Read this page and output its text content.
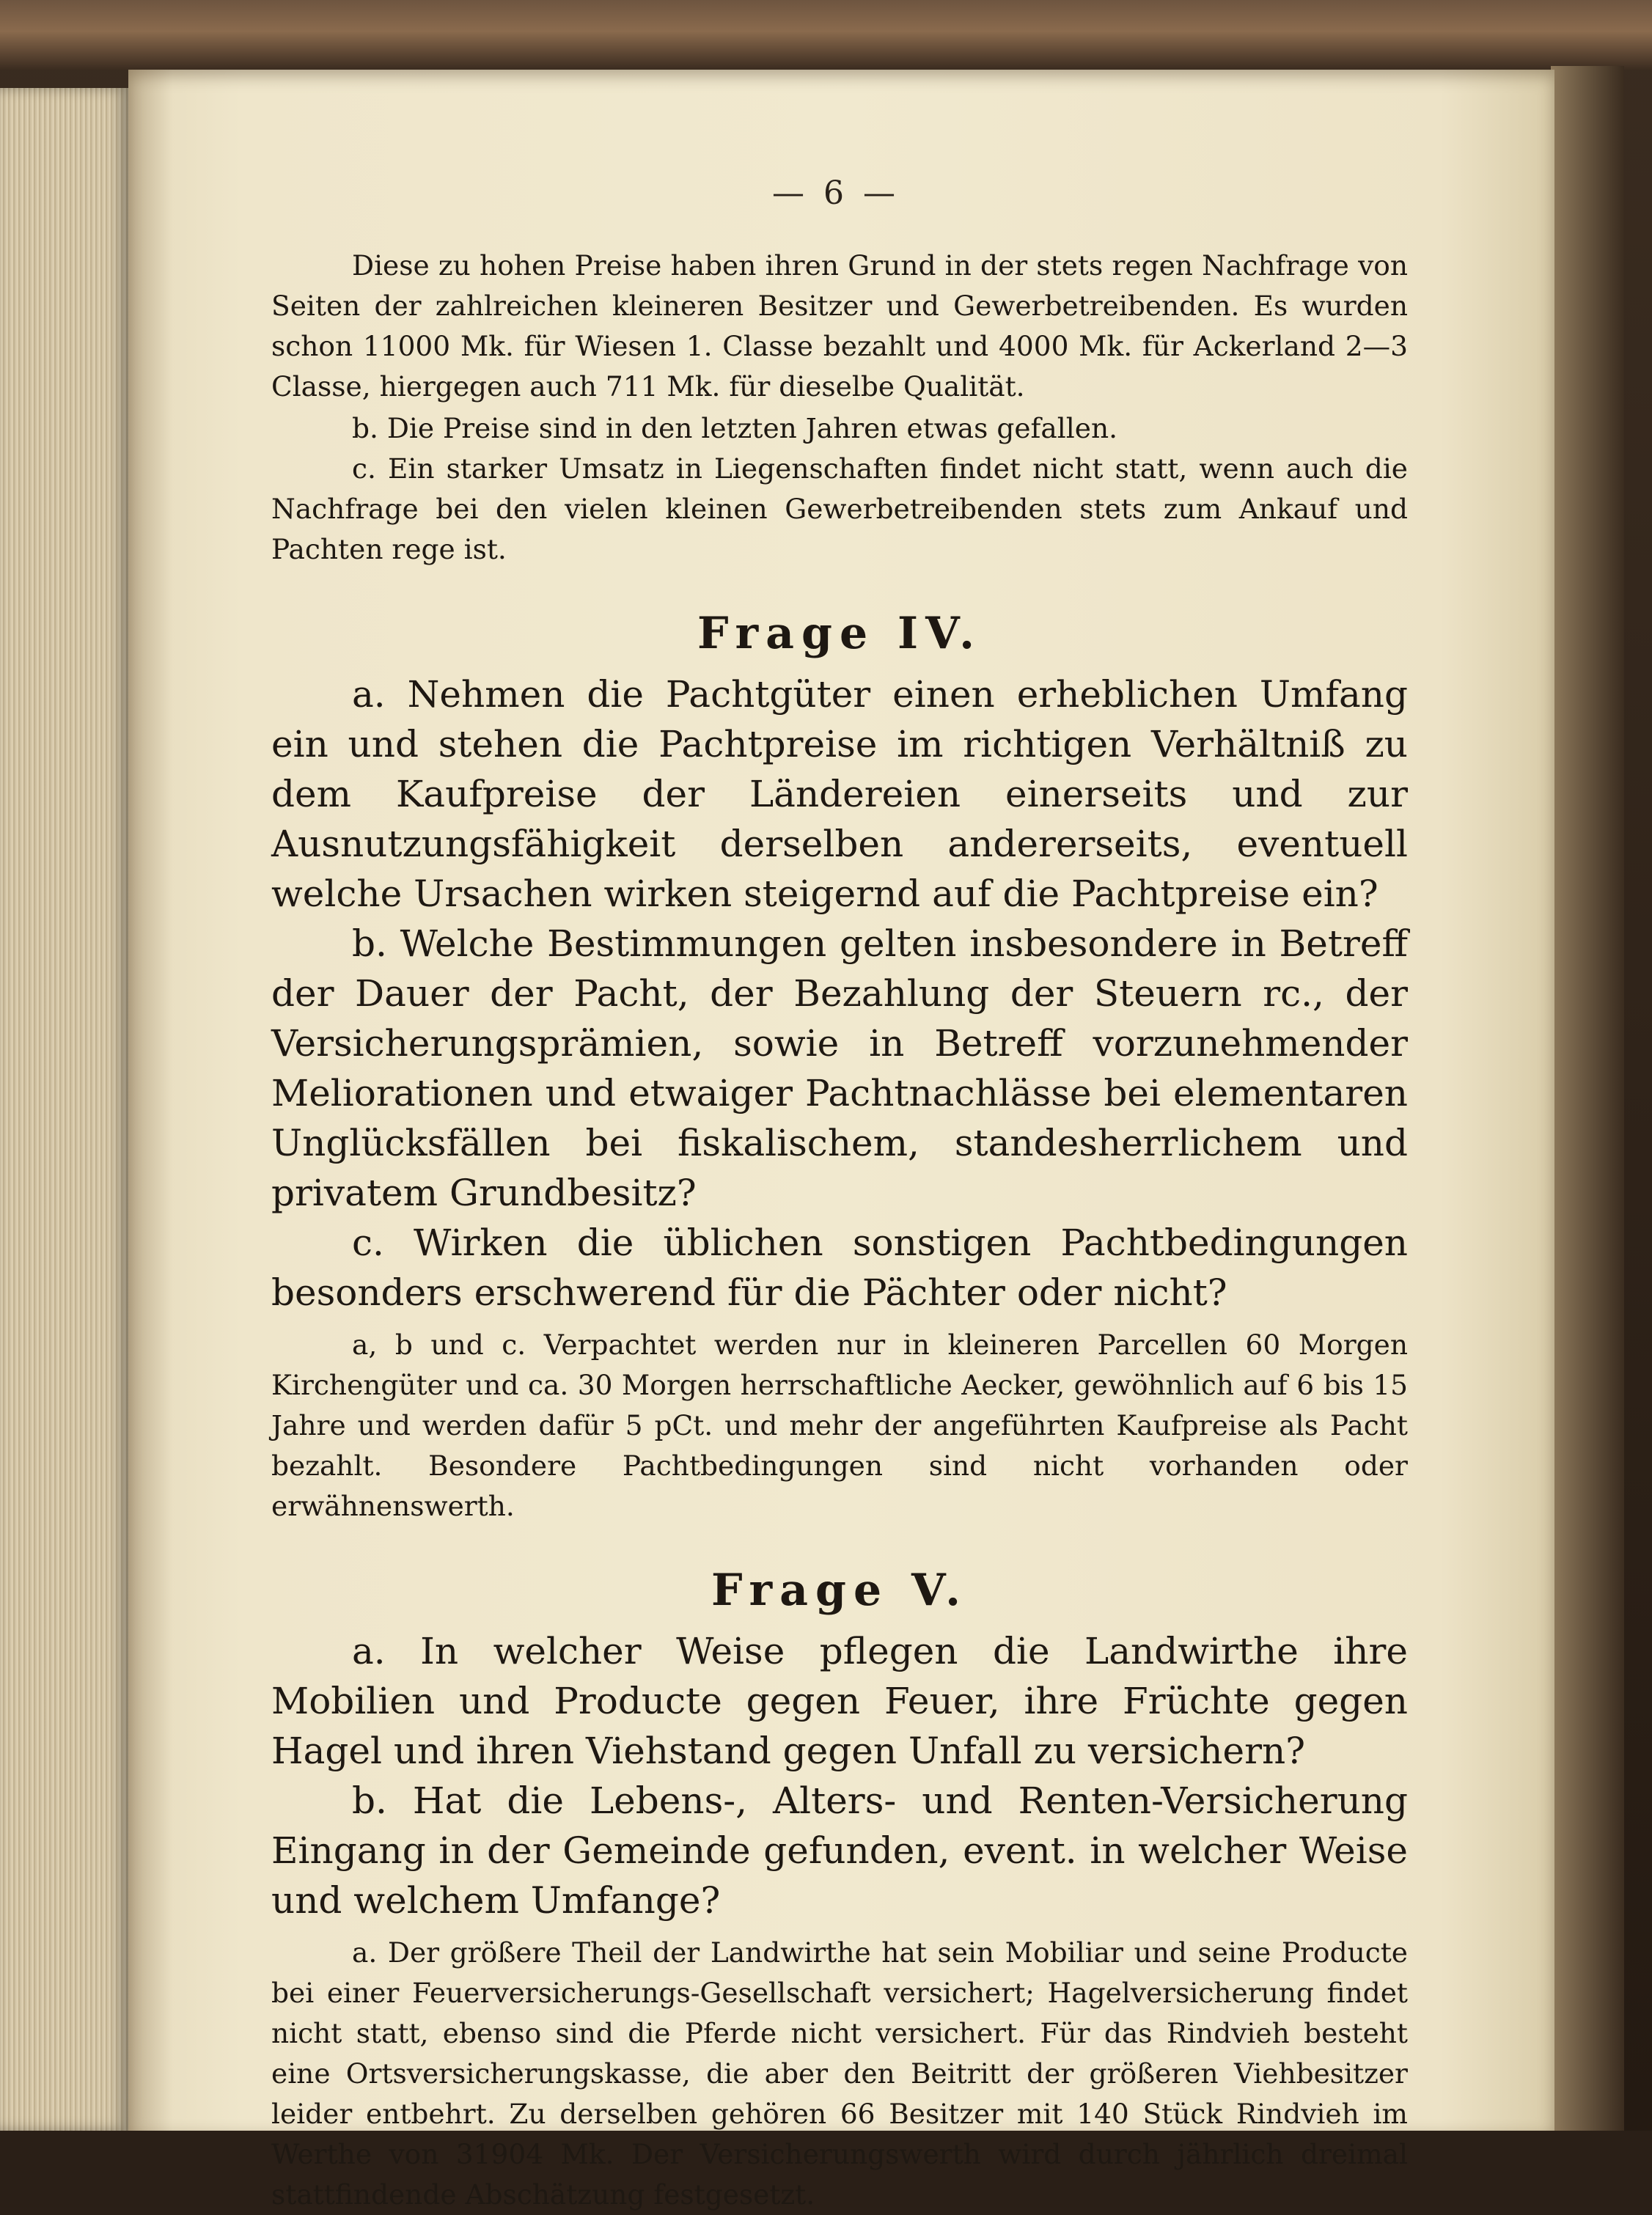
— 6 —

Diese zu hohen Preise haben ihren Grund in der stets regen Nachfrage von Seiten der zahlreichen kleineren Besitzer und Gewerbetreibenden. Es wurden schon 11000 Mk. für Wiesen 1. Classe bezahlt und 4000 Mk. für Ackerland 2—3 Classe, hiergegen auch 711 Mk. für dieselbe Qualität.

b. Die Preise sind in den letzten Jahren etwas gefallen.

c. Ein starker Umsatz in Liegenschaften findet nicht statt, wenn auch die Nachfrage bei den vielen kleinen Gewerbetreibenden stets zum Ankauf und Pachten rege ist.

Frage IV.

a. Nehmen die Pachtgüter einen erheblichen Umfang ein und stehen die Pachtpreise im richtigen Verhältniß zu dem Kaufpreise der Ländereien einerseits und zur Ausnutzungsfähigkeit derselben andererseits, eventuell welche Ursachen wirken steigernd auf die Pachtpreise ein?

b. Welche Bestimmungen gelten insbesondere in Betreff der Dauer der Pacht, der Bezahlung der Steuern rc., der Versicherungsprämien, sowie in Betreff vorzunehmender Meliorationen und etwaiger Pachtnachlässe bei elementaren Unglücksfällen bei fiskalischem, standesherrlichem und privatem Grundbesitz?

c. Wirken die üblichen sonstigen Pachtbedingungen besonders erschwerend für die Pächter oder nicht?

a, b und c. Verpachtet werden nur in kleineren Parcellen 60 Morgen Kirchengüter und ca. 30 Morgen herrschaftliche Aecker, gewöhnlich auf 6 bis 15 Jahre und werden dafür 5 pCt. und mehr der angeführten Kaufpreise als Pacht bezahlt. Besondere Pachtbedingungen sind nicht vorhanden oder erwähnenswerth.

Frage V.

a. In welcher Weise pflegen die Landwirthe ihre Mobilien und Producte gegen Feuer, ihre Früchte gegen Hagel und ihren Viehstand gegen Unfall zu versichern?

b. Hat die Lebens-, Alters- und Renten-Versicherung Eingang in der Gemeinde gefunden, event. in welcher Weise und welchem Umfange?

a. Der größere Theil der Landwirthe hat sein Mobiliar und seine Producte bei einer Feuerversicherungs-Gesellschaft versichert; Hagelversicherung findet nicht statt, ebenso sind die Pferde nicht versichert. Für das Rindvieh besteht eine Ortsversicherungskasse, die aber den Beitritt der größeren Viehbesitzer leider entbehrt. Zu derselben gehören 66 Besitzer mit 140 Stück Rindvieh im Werthe von 31904 Mk. Der Versicherungswerth wird durch jährlich dreimal stattfindende Abschätzung festgesetzt.
